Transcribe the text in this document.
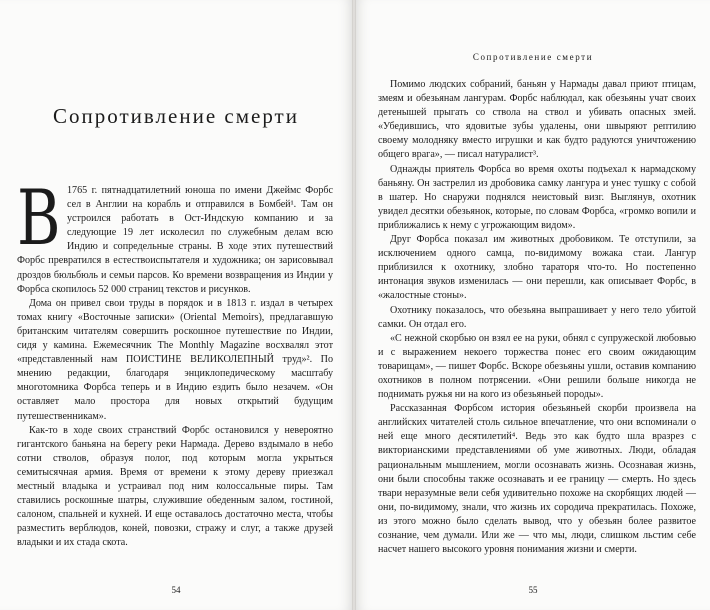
Сопротивление смерти

В 1765 г. пятнадцатилетний юноша по имени Джеймс Форбс сел в Англии на корабль и отправился в Бомбей¹. Там он устроился работать в Ост-Индскую компанию и за следующие 19 лет исколесил по служебным делам всю Индию и сопредельные страны. В ходе этих путешествий Форбс превратился в естествоиспытателя и художника; он зарисовывал дроздов бюльбюль и семьи парсов. Ко времени возвращения из Индии у Форбса скопилось 52 000 страниц текстов и рисунков.

Дома он привел свои труды в порядок и в 1813 г. издал в четырех томах книгу «Восточные записки» (Oriental Memoirs), предлагавшую британским читателям совершить роскошное путешествие по Индии, сидя у камина. Ежемесячник The Monthly Magazine восхвалял этот «представленный нам ПОИСТИНЕ ВЕЛИКОЛЕПНЫЙ труд»². По мнению редакции, благодаря энциклопедическому масштабу многотомника Форбса теперь и в Индию ездить было незачем. «Он оставляет мало простора для новых открытий будущим путешественникам».

Как-то в ходе своих странствий Форбс остановился у невероятно гигантского баньяна на берегу реки Нармада. Дерево вздымало в небо сотни стволов, образуя полог, под которым могла укрыться семитысячная армия. Время от времени к этому дереву приезжал местный владыка и устраивал под ним колоссальные пиры. Там ставились роскошные шатры, служившие обеденным залом, гостиной, салоном, спальней и кухней. И еще оставалось достаточно места, чтобы разместить верблюдов, коней, повозки, стражу и слуг, а также друзей владыки и их стада скота.

54

Сопротивление смерти

Помимо людских собраний, баньян у Нармады давал приют птицам, змеям и обезьянам лангурам. Форбс наблюдал, как обезьяны учат своих детенышей прыгать со ствола на ствол и убивать опасных змей. «Убедившись, что ядовитые зубы удалены, они швыряют рептилию своему молодняку вместо игрушки и как будто радуются уничтожению общего врага», — писал натуралист³.

Однажды приятель Форбса во время охоты подъехал к нармадскому баньяну. Он застрелил из дробовика самку лангура и унес тушку с собой в шатер. Но снаружи поднялся неистовый визг. Выглянув, охотник увидел десятки обезьянок, которые, по словам Форбса, «громко вопили и приближались к нему с угрожающим видом».

Друг Форбса показал им животных дробовиком. Те отступили, за исключением одного самца, по-видимому вожака стаи. Лангур приблизился к охотнику, злобно тараторя что-то. Но постепенно интонация звуков изменилась — они перешли, как описывает Форбс, в «жалостные стоны».

Охотнику показалось, что обезьяна выпрашивает у него тело убитой самки. Он отдал его.

«С нежной скорбью он взял ее на руки, обнял с супружеской любовью и с выражением некоего торжества понес его своим ожидающим товарищам», — пишет Форбс. Вскоре обезьяны ушли, оставив компанию охотников в полном потрясении. «Они решили больше никогда не поднимать ружья ни на кого из обезьяньей породы».

Рассказанная Форбсом история обезьяньей скорби произвела на английских читателей столь сильное впечатление, что они вспоминали о ней еще много десятилетий⁴. Ведь это как будто шла вразрез с викторианскими представлениями об уме животных. Люди, обладая рациональным мышлением, могли осознавать жизнь. Осознавая жизнь, они были способны также осознавать и ее границу — смерть. Но здесь твари неразумные вели себя удивительно похоже на скорбящих людей — они, по-видимому, знали, что жизнь их сородича прекратилась. Похоже, из этого можно было сделать вывод, что у обезьян более развитое сознание, чем думали. Или же — что мы, люди, слишком льстим себе насчет нашего высокого уровня понимания жизни и смерти.

55
